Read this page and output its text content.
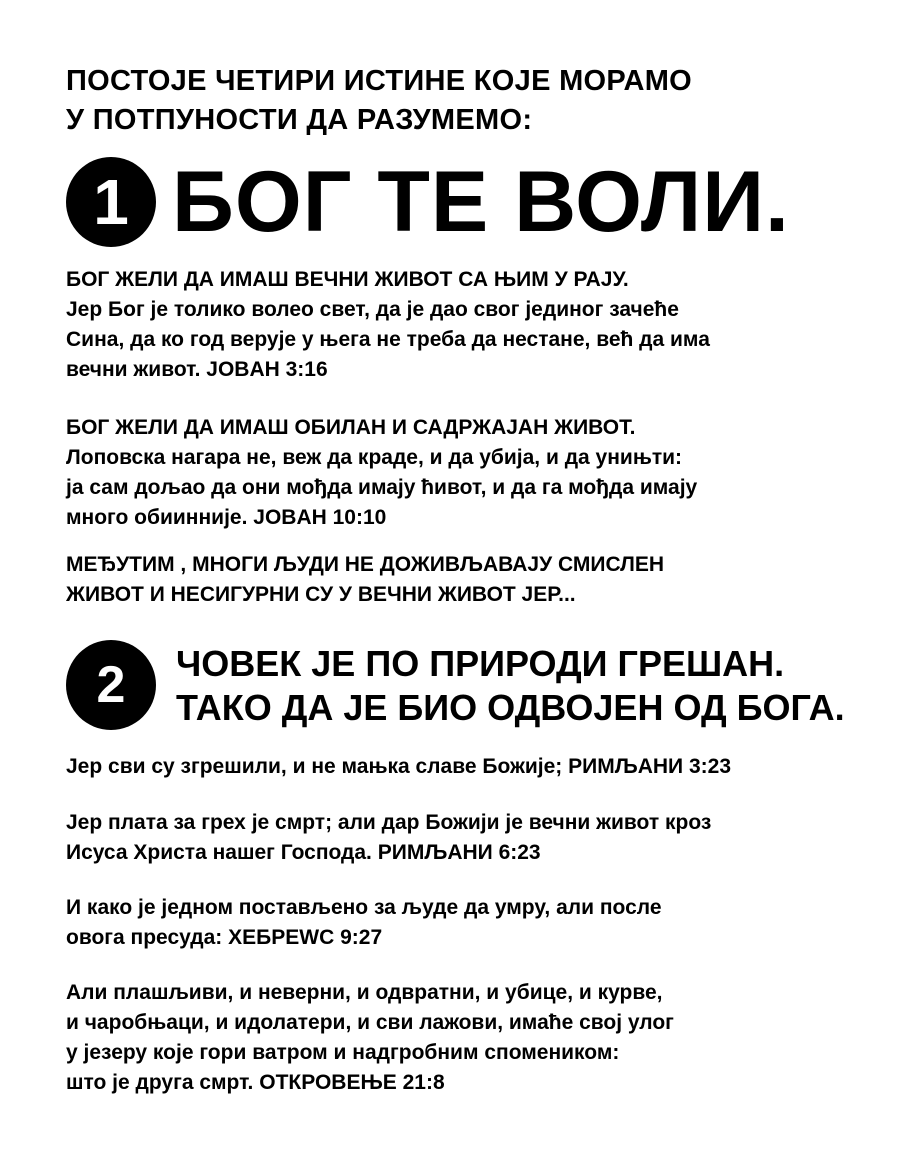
ПОСТОЈЕ ЧЕТИРИ ИСТИНЕ КОЈЕ МОРАМО
У ПОТПУНОСТИ ДА РАЗУМЕМО:
1 БОГ ТЕ ВОЛИ.
БОГ ЖЕЛИ ДА ИМАШ ВЕЧНИ ЖИВОТ СА ЊИМ У РАЈУ.
Јер Бог је толико волео свет, да је дао свог јединог зачеће
Сина, да ко год верује у њега не треба да нестане, већ да има
вечни живот. JOBAH 3:16
БОГ ЖЕЛИ ДА ИМАШ ОБИЛАН И САДРЖАЈАН ЖИВОТ.
Лоповска нагара не, веж да краде, и да убија, и да унињти:
ја сам дољао да они мођда имају ћивот, и да га мођда имају
много обиинније. JOBAH 10:10
МЕЂУТИМ , МНОГИ ЉУДИ НЕ ДОЖИВЉАВАЈУ СМИСЛЕН
ЖИВОТ И НЕСИГУРНИ СУ У ВЕЧНИ ЖИВОТ ЈЕР...
2 ЧОВЕК ЈЕ ПО ПРИРОДИ ГРЕШАН.
ТАКО ДА ЈЕ БИО ОДВОЈЕН ОД БОГА.
Јер сви су згрешили, и не мањка славе Божије; РИМЉАНИ 3:23
Јер плата за грех је смрт; али дар Божији је вечни живот кроз
Исуса Христа нашег Господа. РИМЉАНИ 6:23
И како је једном постављено за људе да умру, али после
овога пресуда: ХЕБРЕWC 9:27
Али плашљиви, и неверни, и одвратни, и убице, и курве,
и чаробњаци, и идолатери, и сви лажови, имаће свој улог
у језеру које гори ватром и надгробним спомеником:
што је друга смрт. ОТКРОВЕЊЕ 21:8
